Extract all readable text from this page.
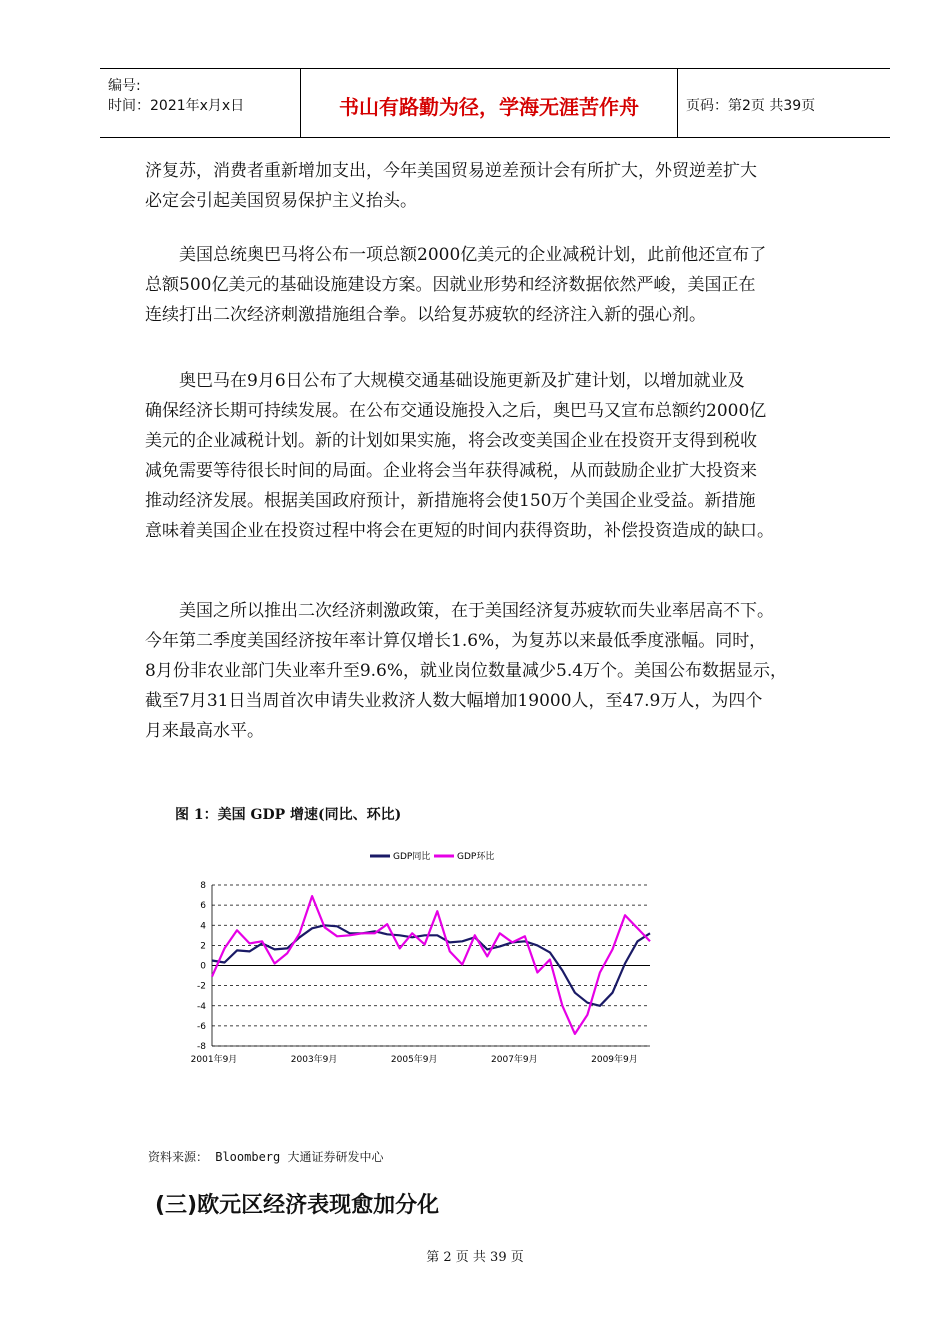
编号:
时间：2021年x月x日	书山有路勤为径，学海无涯苦作舟	页码：第2页 共39页
济复苏，消费者重新增加支出，今年美国贸易逆差预计会有所扩大，外贸逆差扩大
必定会引起美国贸易保护主义抬头。
　　美国总统奥巴马将公布一项总额2000亿美元的企业减税计划，此前他还宣布了
总额500亿美元的基础设施建设方案。因就业形势和经济数据依然严峻，美国正在
连续打出二次经济刺激措施组合拳。以给复苏疲软的经济注入新的强心剂。
　　奥巴马在9月6日公布了大规模交通基础设施更新及扩建计划，以增加就业及
确保经济长期可持续发展。在公布交通设施投入之后，奥巴马又宣布总额约2000亿
美元的企业减税计划。新的计划如果实施，将会改变美国企业在投资开支得到税收
减免需要等待很长时间的局面。企业将会当年获得减税，从而鼓励企业扩大投资来
推动经济发展。根据美国政府预计，新措施将会使150万个美国企业受益。新措施
意味着美国企业在投资过程中将会在更短的时间内获得资助，补偿投资造成的缺口。
　　美国之所以推出二次经济刺激政策，在于美国经济复苏疲软而失业率居高不下。
今年第二季度美国经济按年率计算仅增长1.6%，为复苏以来最低季度涨幅。同时，
8月份非农业部门失业率升至9.6%，就业岗位数量减少5.4万个。美国公布数据显示，
截至7月31日当周首次申请失业救济人数大幅增加19000人，至47.9万人，为四个
月来最高水平。
图 1：美国 GDP 增速(同比、环比)
8
6
4
2
0
-2
-4
-6
-8
2001年9月	2003年9月	2005年9月	2007年9月	2009年9月
GDP同比	GDP环比
资料来源： Bloomberg 大通证券研发中心
(三)欧元区经济表现愈加分化
第 2 页 共 39 页
